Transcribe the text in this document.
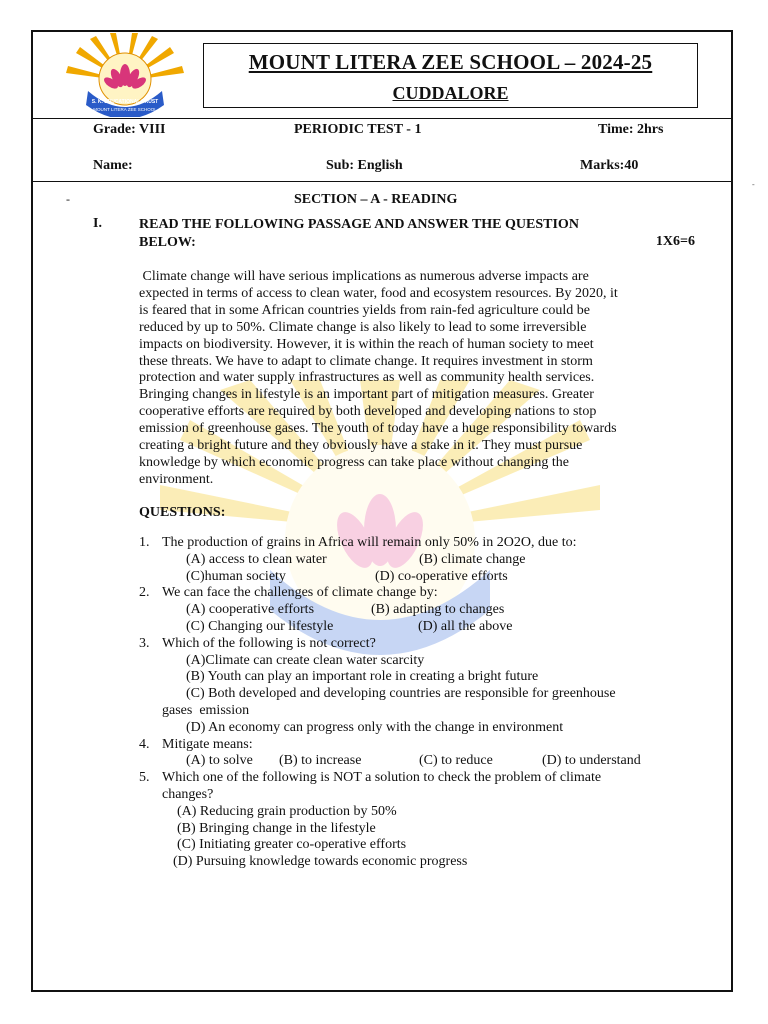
S. K. EDUCATIONAL TRUST
MOUNT LITERA ZEE SCHOOL
MOUNT LITERA ZEE SCHOOL – 2024-25
CUDDALORE
Grade: VIII	PERIODIC TEST - 1	Time: 2hrs
Name:	Sub: English	Marks:40
-
-	SECTION – A - READING
I.	READ THE FOLLOWING PASSAGE AND ANSWER THE QUESTION
BELOW:	1X6=6
Climate change will have serious implications as numerous adverse impacts are
expected in terms of access to clean water, food and ecosystem resources. By 2020, it
is feared that in some African countries yields from rain-fed agriculture could be
reduced by up to 50%. Climate change is also likely to lead to some irreversible
impacts on biodiversity. However, it is within the reach of human society to meet
these threats. We have to adapt to climate change. It requires investment in storm
protection and water supply infrastructures as well as community health services.
Bringing changes in lifestyle is an important part of mitigation measures. Greater
cooperative efforts are required by both developed and developing nations to stop
emission of greenhouse gases. The youth of today have a huge responsibility towards
creating a bright future and they obviously have a stake in it. They must pursue
knowledge by which economic progress can take place without changing the
environment.
QUESTIONS:
1. The production of grains in Africa will remain only 50% in 2O2O, due to:
(A) access to clean water	(B) climate change
(C)human society	(D) co-operative efforts
2. We can face the challenges of climate change by:
(A) cooperative efforts	(B) adapting to changes
(C) Changing our lifestyle	(D) all the above
3. Which of the following is not correct?
(A)Climate can create clean water scarcity
(B) Youth can play an important role in creating a bright future
(C) Both developed and developing countries are responsible for greenhouse
gases  emission
(D) An economy can progress only with the change in environment
4. Mitigate means:
(A) to solve	(B) to increase	(C) to reduce	(D) to understand
5. Which one of the following is NOT a solution to check the problem of climate
changes?
(A) Reducing grain production by 50%
(B) Bringing change in the lifestyle
(C) Initiating greater co-operative efforts
(D) Pursuing knowledge towards economic progress
